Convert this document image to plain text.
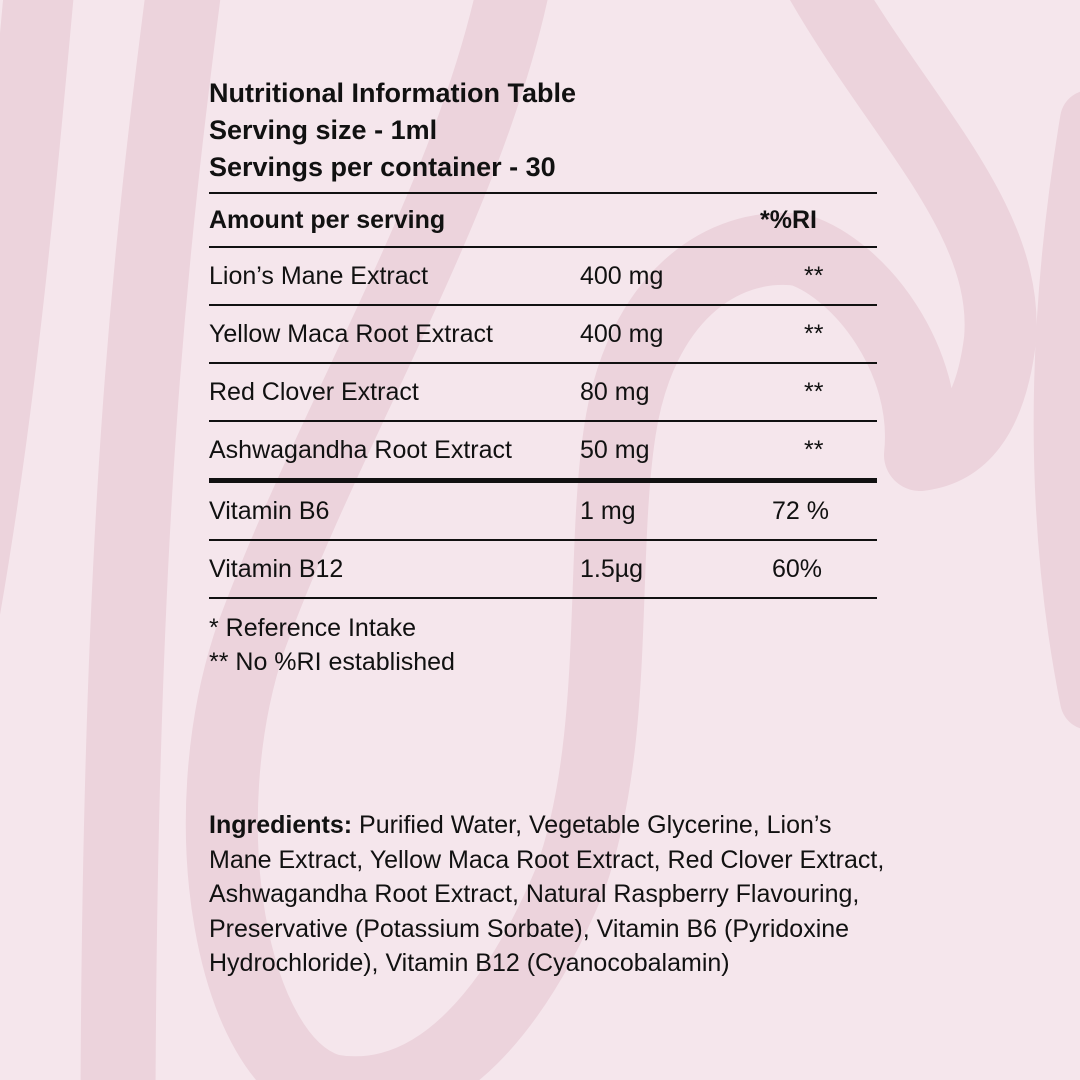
Nutritional Information Table
Serving size - 1ml
Servings per container - 30
Amount per serving		*%RI
Lion’s Mane Extract	400 mg	**
Yellow Maca Root Extract	400 mg	**
Red Clover Extract	80 mg	**
Ashwagandha Root Extract	50 mg	**
Vitamin B6	1 mg	72 %
Vitamin B12	1.5µg	60%
* Reference Intake
** No %RI established
Ingredients: Purified Water, Vegetable Glycerine, Lion’s Mane Extract, Yellow Maca Root Extract, Red Clover Extract, Ashwagandha Root Extract, Natural Raspberry Flavouring, Preservative (Potassium Sorbate), Vitamin B6 (Pyridoxine Hydrochloride), Vitamin B12 (Cyanocobalamin)
